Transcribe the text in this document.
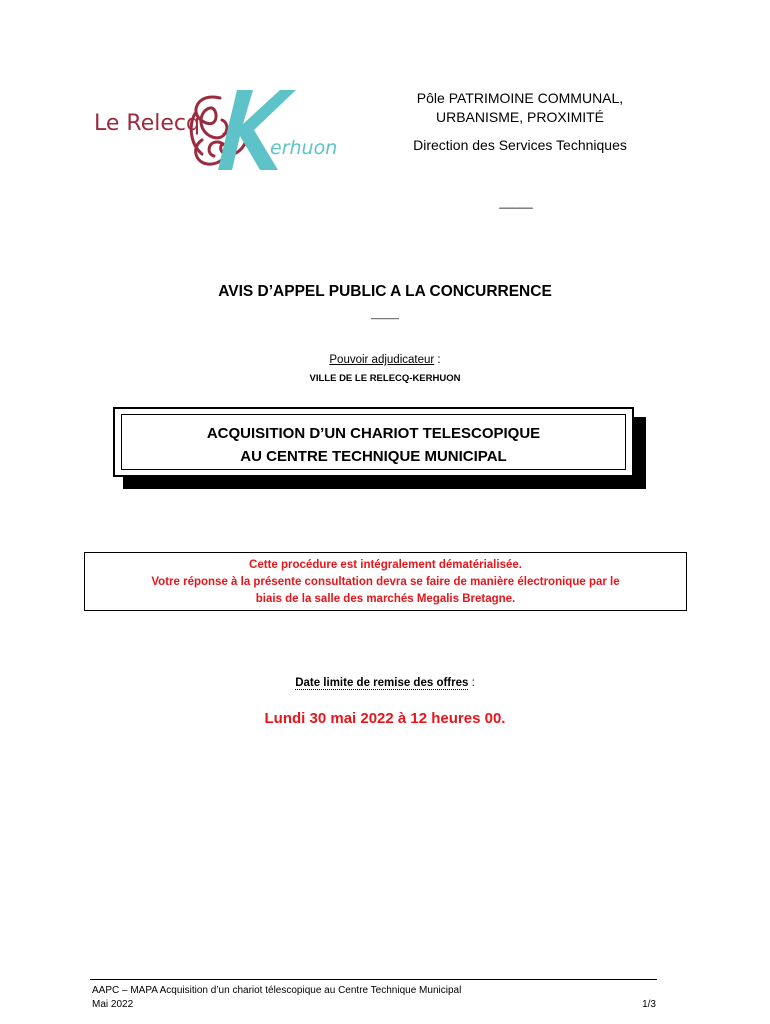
Le Relecq
erhuon
Pôle PATRIMOINE COMMUNAL,
URBANISME, PROXIMITÉ
Direction des Services Techniques
_____
AVIS D’APPEL PUBLIC A LA CONCURRENCE
_____
Pouvoir adjudicateur :
VILLE DE LE RELECQ-KERHUON
ACQUISITION D’UN CHARIOT TELESCOPIQUE
AU CENTRE TECHNIQUE MUNICIPAL
Cette procédure est intégralement dématérialisée.
Votre réponse à la présente consultation devra se faire de manière électronique par le
biais de la salle des marchés Megalis Bretagne.
Date limite de remise des offres :
Lundi 30 mai 2022 à 12 heures 00.
AAPC – MAPA Acquisition d’un chariot télescopique au Centre Technique Municipal
Mai 2022	1/3
